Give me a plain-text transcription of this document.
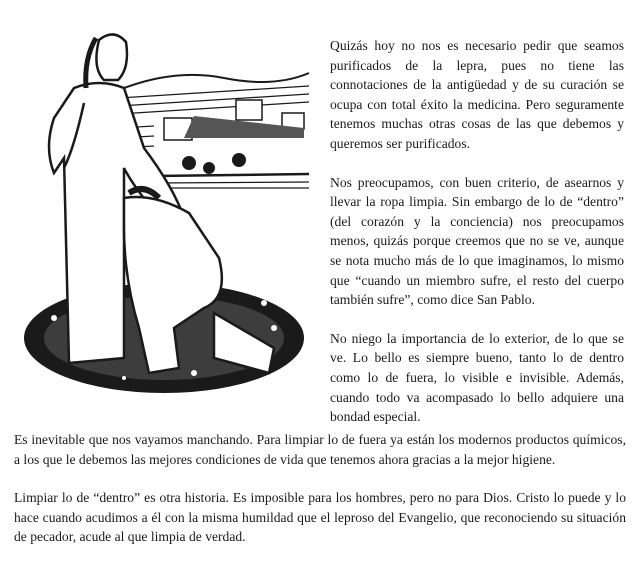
Quizás hoy no nos es necesario pedir que seamos purificados de la lepra, pues no tiene las connotaciones de la antigüedad y de su curación se ocupa con total éxito la medicina. Pero seguramente tenemos muchas otras cosas de las que debemos y queremos ser purificados.

Nos preocupamos, con buen criterio, de asearnos y llevar la ropa limpia. Sin embargo de lo de “dentro” (del corazón y la conciencia) nos preocupamos menos, quizás porque creemos que no se ve, aunque se nota mucho más de lo que imaginamos, lo mismo que “cuando un miembro sufre, el resto del cuerpo también sufre”, como dice San Pablo.

No niego la importancia de lo exterior, de lo que se ve. Lo bello es siempre bueno, tanto lo de dentro como lo de fuera, lo visible e invisible. Además, cuando todo va acompasado lo bello adquiere una bondad especial.

Es inevitable que nos vayamos manchando. Para limpiar lo de fuera ya están los modernos productos químicos, a los que le debemos las mejores condiciones de vida que tenemos ahora gracias a la mejor higiene.

Limpiar lo de “dentro” es otra historia. Es imposible para los hombres, pero no para Dios. Cristo lo puede y lo hace cuando acudimos a él con la misma humildad que el leproso del Evangelio, que reconociendo su situación de pecador, acude al que limpia de verdad.
